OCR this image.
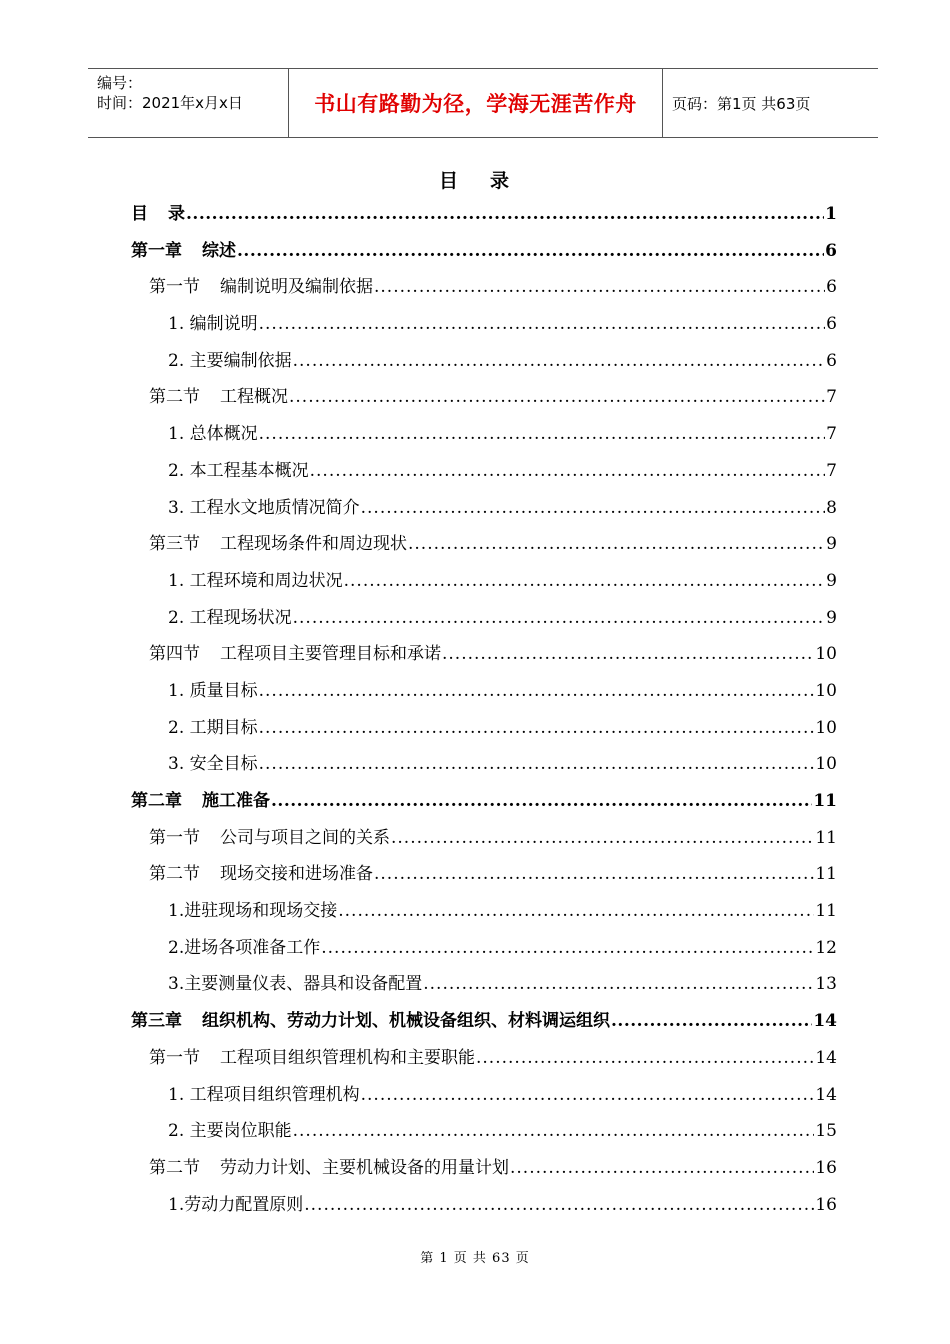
编号：
时间：2021年x月x日	书山有路勤为径，学海无涯苦作舟 页码：第1页 共63页
目 录
目 录 .....	1
第一章 综述 .....	6
第一节 编制说明及编制依据 .....	6
1. 编制说明 .....	6
2. 主要编制依据 .....	6
第二节 工程概况 .....	7
1. 总体概况 .....	7
2. 本工程基本概况 .....	7
3. 工程水文地质情况简介 .....	8
第三节 工程现场条件和周边现状 .....	9
1. 工程环境和周边状况 .....	9
2. 工程现场状况 .....	9
第四节 工程项目主要管理目标和承诺 .....	10
1. 质量目标 .....	10
2. 工期目标 .....	10
3. 安全目标 .....	10
第二章 施工准备 .....	11
第一节 公司与项目之间的关系 .....	11
第二节 现场交接和进场准备 .....	11
1.进驻现场和现场交接 .....	11
2.进场各项准备工作 .....	12
3.主要测量仪表、器具和设备配置 .....	13
第三章 组织机构、劳动力计划、机械设备组织、材料调运组织 .....	14
第一节 工程项目组织管理机构和主要职能 .....	14
1. 工程项目组织管理机构 .....	14
2. 主要岗位职能 .....	15
第二节 劳动力计划、主要机械设备的用量计划 .....	16
1.劳动力配置原则 .....	16
第 1 页 共 63 页
